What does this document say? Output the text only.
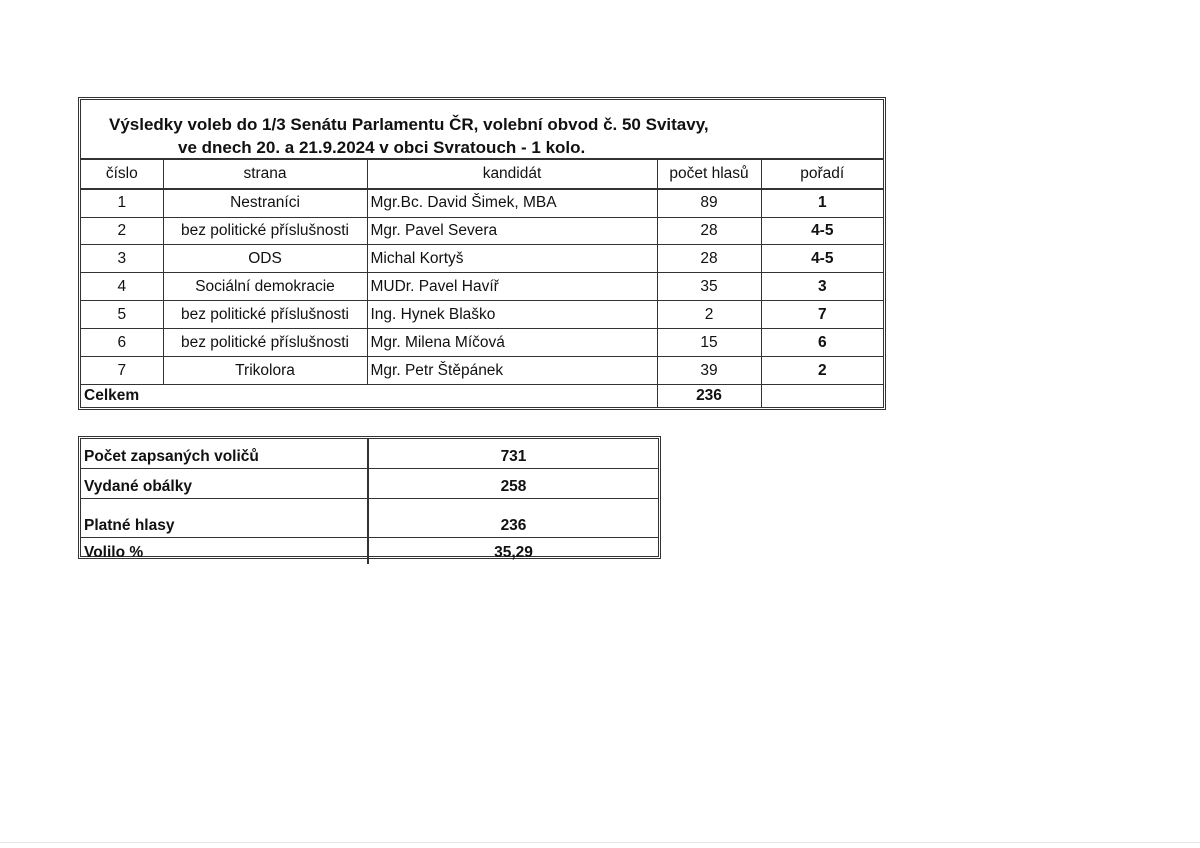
Výsledky voleb do 1/3 Senátu Parlamentu ČR, volební obvod č. 50 Svitavy,
ve dnech 20. a 21.9.2024 v obci Svratouch - 1 kolo.				

číslo	strana	kandidát	počet hlasů	pořadí
1	Nestraníci	Mgr.Bc. David Šimek, MBA	89	1
2	bez politické příslušnosti	Mgr. Pavel Severa	28	4-5
3	ODS	Michal Kortyš	28	4-5
4	Sociální demokracie	MUDr. Pavel Havíř	35	3
5	bez politické příslušnosti	Ing. Hynek Blaško	2	7
6	bez politické příslušnosti	Mgr. Milena Míčová	15	6
7	Trikolora	Mgr. Petr Štěpánek	39	2
Celkem			236	
Počet zapsaných voličů	731
Vydané obálky	258
Platné hlasy	236
Volilo %	35,29
